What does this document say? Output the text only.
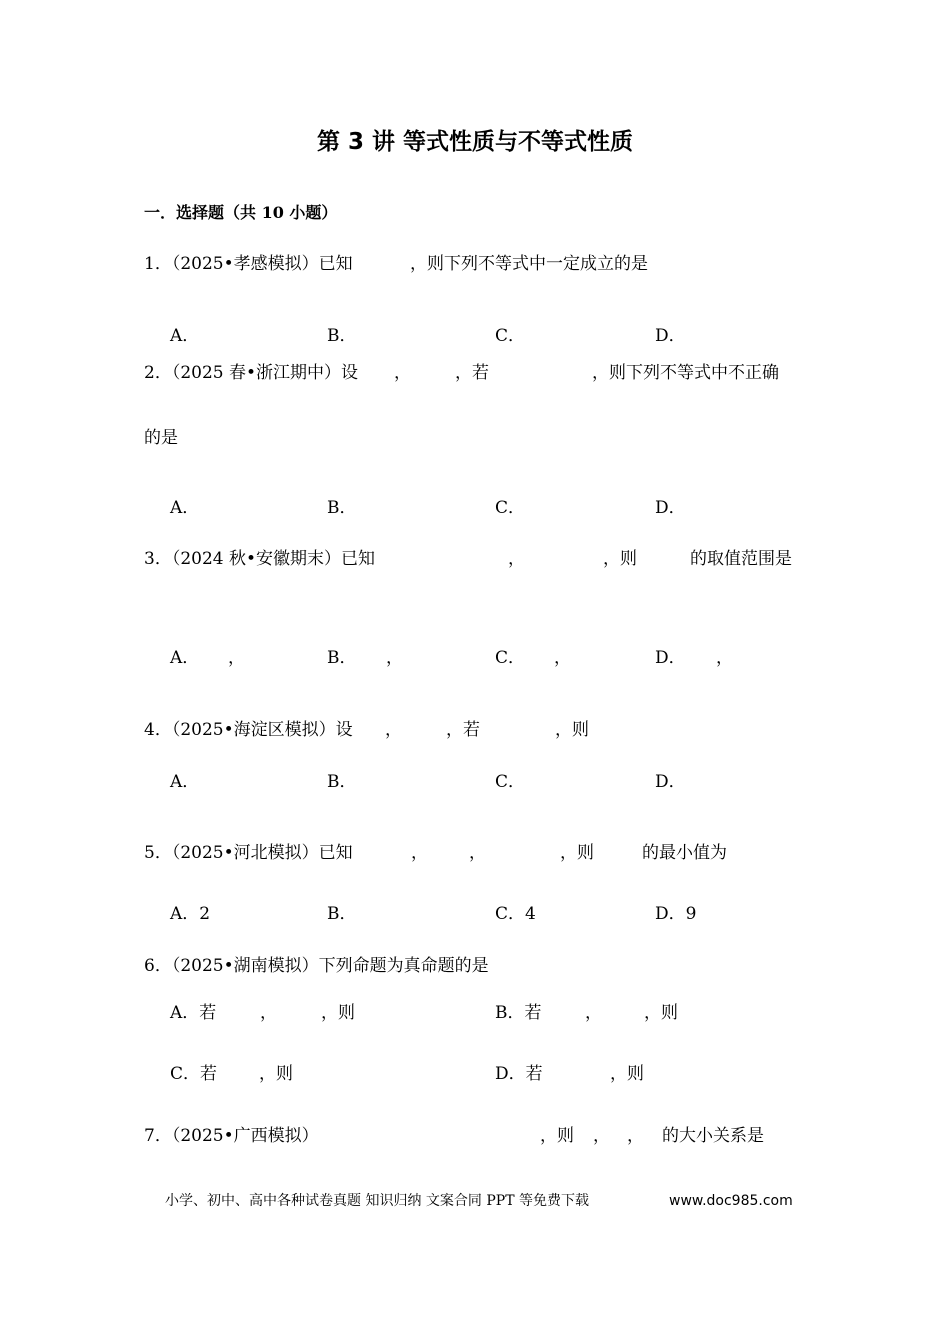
第 3 讲 等式性质与不等式性质
一．选择题（共 10 小题）
1．（2025•孝感模拟）已知	，则下列不等式中一定成立的是
A．	B．	C．	D．
2．（2025 春•浙江期中）设 ，	，若	，则下列不等式中不正确
的是
A．	B．	C．	D．
3．（2024 秋•安徽期末）已知	，	，则	的取值范围是
A． ，	B． ，	C． ，	D． ，
4．（2025•海淀区模拟）设 ，	，若	，则
A．	B．	C．	D．
5．（2025•河北模拟）已知	， ，	，则	的最小值为
A．2	B．	C．4	D．9
6．（2025•湖南模拟）下列命题为真命题的是
A．若	，	，则	B．若	， ，则
C．若 ，则	D．若	，则
7．（2025•广西模拟）	，则 ， ， 的大小关系是
小学、初中、高中各种试卷真题 知识归纳 文案合同 PPT 等免费下载	www.doc985.com
